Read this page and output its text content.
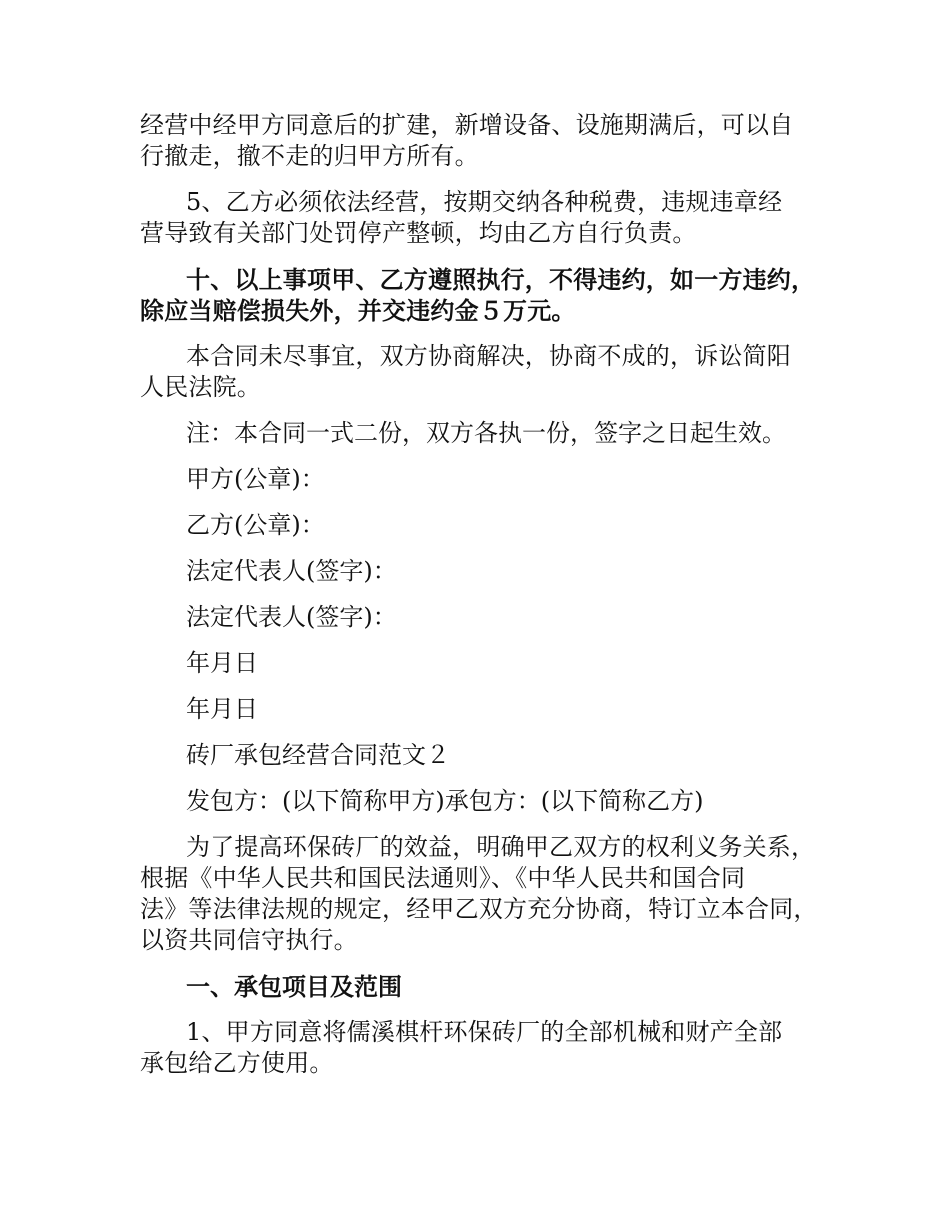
经营中经甲方同意后的扩建，新增设备、设施期满后，可以自
行撤走，撤不走的归甲方所有。

5、乙方必须依法经营，按期交纳各种税费，违规违章经
营导致有关部门处罚停产整顿，均由乙方自行负责。

十、以上事项甲、乙方遵照执行，不得违约，如一方违约，
除应当赔偿损失外，并交违约金５万元。

本合同未尽事宜，双方协商解决，协商不成的，诉讼简阳
人民法院。

注：本合同一式二份，双方各执一份，签字之日起生效。

甲方(公章)：

乙方(公章)：

法定代表人(签字)：

法定代表人(签字)：

年月日

年月日

砖厂承包经营合同范文２

发包方：(以下简称甲方)承包方：(以下简称乙方)

为了提高环保砖厂的效益，明确甲乙双方的权利义务关系，
根据《中华人民共和国民法通则》、《中华人民共和国合同
法》等法律法规的规定，经甲乙双方充分协商，特订立本合同，
以资共同信守执行。

一、承包项目及范围

1、甲方同意将儒溪棋杆环保砖厂的全部机械和财产全部
承包给乙方使用。
